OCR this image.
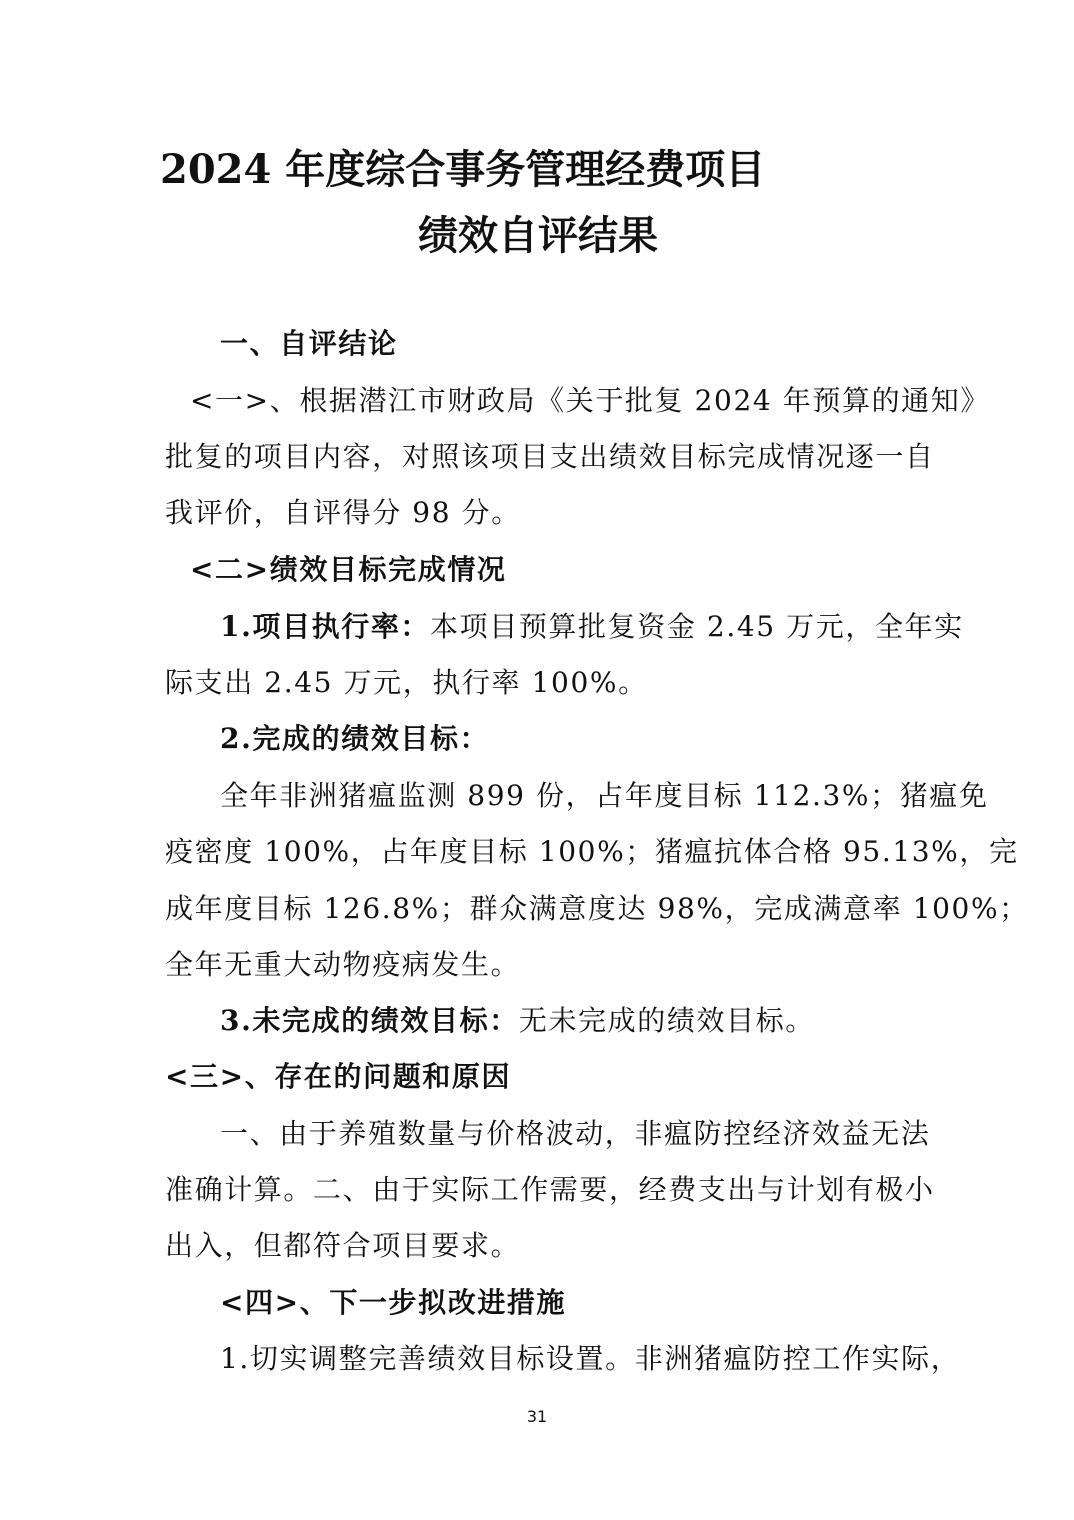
2024 年度综合事务管理经费项目
绩效自评结果
一、自评结论
<一>、根据潜江市财政局《关于批复 2024 年预算的通知》
批复的项目内容，对照该项目支出绩效目标完成情况逐一自
我评价，自评得分 98 分。
<二>绩效目标完成情况
1.项目执行率：本项目预算批复资金 2.45 万元，全年实
际支出 2.45 万元，执行率 100%。
2.完成的绩效目标：
全年非洲猪瘟监测 899 份，占年度目标 112.3%；猪瘟免
疫密度 100%，占年度目标 100%；猪瘟抗体合格 95.13%，完
成年度目标 126.8%；群众满意度达 98%，完成满意率 100%；
全年无重大动物疫病发生。
3.未完成的绩效目标：无未完成的绩效目标。
<三>、存在的问题和原因
一、由于养殖数量与价格波动，非瘟防控经济效益无法
准确计算。二、由于实际工作需要，经费支出与计划有极小
出入，但都符合项目要求。
<四>、下一步拟改进措施
1.切实调整完善绩效目标设置。非洲猪瘟防控工作实际，
31
